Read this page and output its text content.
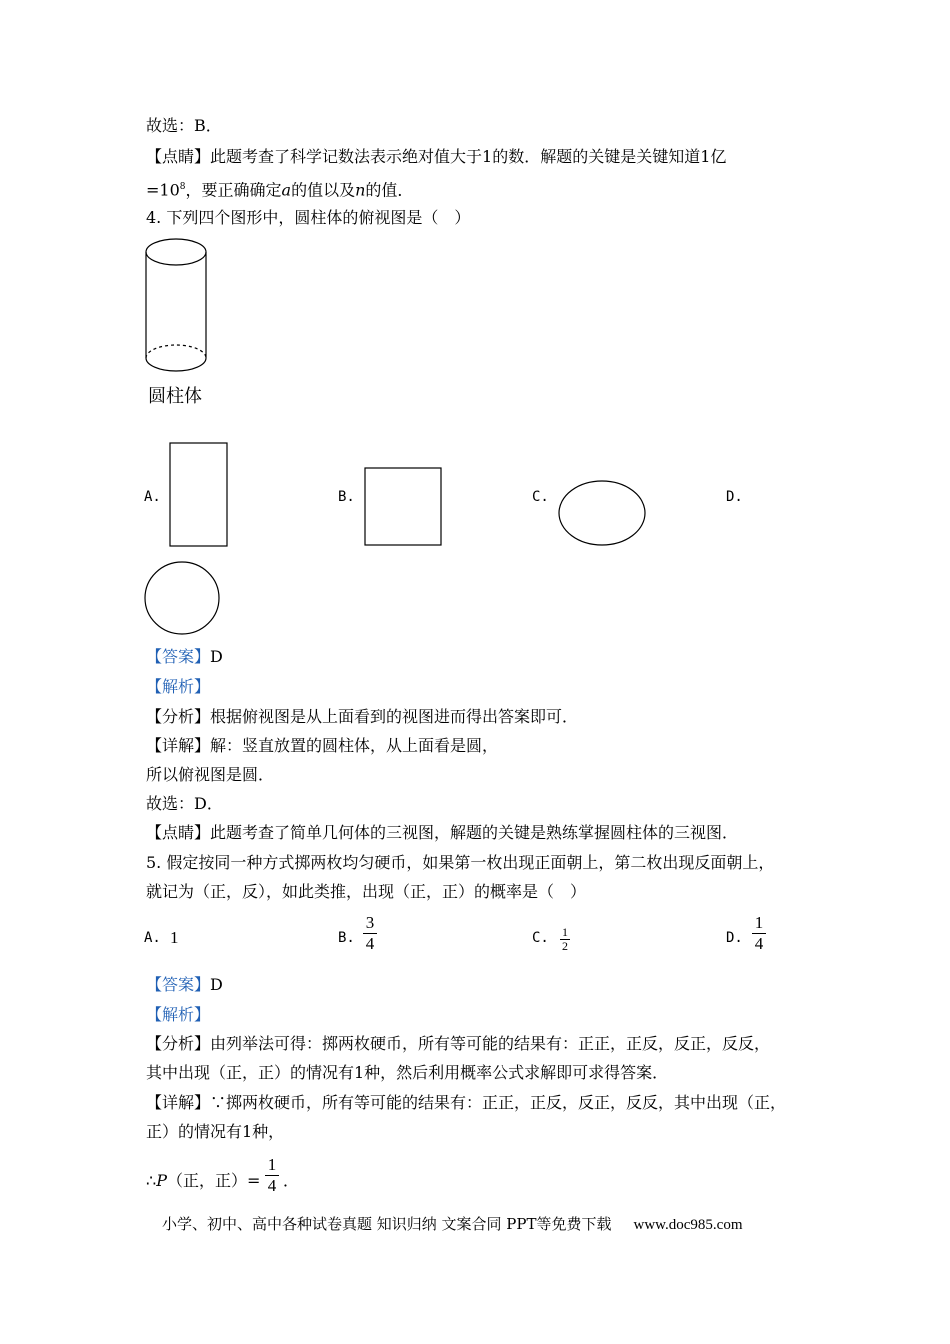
故选：B．
【点睛】此题考查了科学记数法表示绝对值大于1的数．解题的关键是关键知道1亿
$=10^8$，要正确确定a的值以及n的值．
4. 下列四个图形中，圆柱体的俯视图是（　）
圆柱体
A.	B.	C.	D.
【答案】D
【解析】
【分析】根据俯视图是从上面看到的视图进而得出答案即可．
【详解】解：竖直放置的圆柱体，从上面看是圆，
所以俯视图是圆．
故选：D．
【点睛】此题考查了简单几何体的三视图，解题的关键是熟练掌握圆柱体的三视图．
5. 假定按同一种方式掷两枚均匀硬币，如果第一枚出现正面朝上，第二枚出现反面朝上，
就记为（正，反），如此类推，出现（正，正）的概率是（　）
A. 1	B.
3
4	C. 1
2	D.
1
4
【答案】D
【解析】
【分析】由列举法可得：掷两枚硬币，所有等可能的结果有：正正，正反，反正，反反，
其中出现（正，正）的情况有1种，然后利用概率公式求解即可求得答案．
【详解】∵掷两枚硬币，所有等可能的结果有：正正，正反，反正，反反，其中出现（正，
正）的情况有1种，
∴P（正，正）=
1
4 ．
小学、初中、高中各种试卷真题 知识归纳 文案合同 PPT等免费下载 www.doc985.com
